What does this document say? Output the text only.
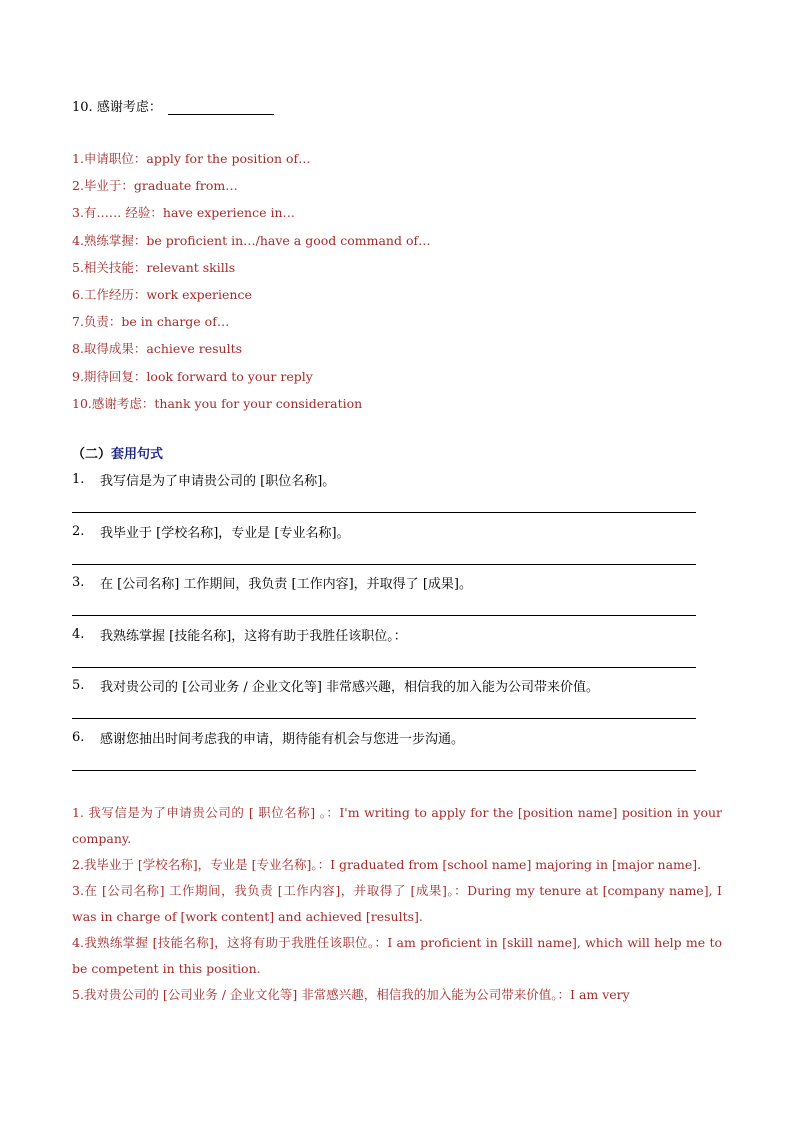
10. 感谢考虑：
1.申请职位：apply for the position of…
2.毕业于：graduate from…
3.有…… 经验：have experience in…
4.熟练掌握：be proficient in…/have a good command of…
5.相关技能：relevant skills
6.工作经历：work experience
7.负责：be in charge of…
8.取得成果：achieve results
9.期待回复：look forward to your reply
10.感谢考虑：thank you for your consideration
（二）套用句式
1. 我写信是为了申请贵公司的 [职位名称]。
2. 我毕业于 [学校名称]，专业是 [专业名称]。
3. 在 [公司名称] 工作期间，我负责 [工作内容]，并取得了 [成果]。
4. 我熟练掌握 [技能名称]，这将有助于我胜任该职位。：
5. 我对贵公司的 [公司业务 / 企业文化等] 非常感兴趣，相信我的加入能为公司带来价值。
6. 感谢您抽出时间考虑我的申请，期待能有机会与您进一步沟通。
1. 我写信是为了申请贵公司的 [ 职位名称] 。：I'm writing to apply for the [position name] position in your company.
2.我毕业于 [学校名称]，专业是 [专业名称]。：I graduated from [school name] majoring in [major name].
3.在 [公司名称] 工作期间，我负责 [工作内容]，并取得了 [成果]。：During my tenure at [company name], I was in charge of [work content] and achieved [results].
4.我熟练掌握 [技能名称]，这将有助于我胜任该职位。：I am proficient in [skill name], which will help me to be competent in this position.
5.我对贵公司的 [公司业务 / 企业文化等] 非常感兴趣，相信我的加入能为公司带来价值。：I am very
